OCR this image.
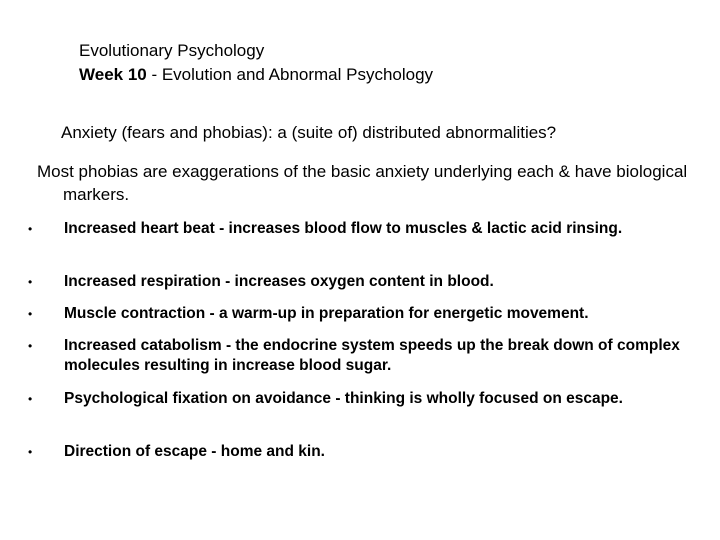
Evolutionary Psychology
Week 10 - Evolution and Abnormal Psychology
Anxiety (fears and phobias): a (suite of) distributed abnormalities?
Most phobias are exaggerations of the basic anxiety underlying each & have biological markers.
• Increased heart beat - increases blood flow to muscles & lactic acid rinsing.
• Increased respiration - increases oxygen content in blood.
• Muscle contraction - a warm-up in preparation for energetic movement.
• Increased catabolism - the endocrine system speeds up the break down of complex molecules resulting in increase blood sugar.
• Psychological fixation on avoidance - thinking is wholly focused on escape.
• Direction of escape - home and kin.
